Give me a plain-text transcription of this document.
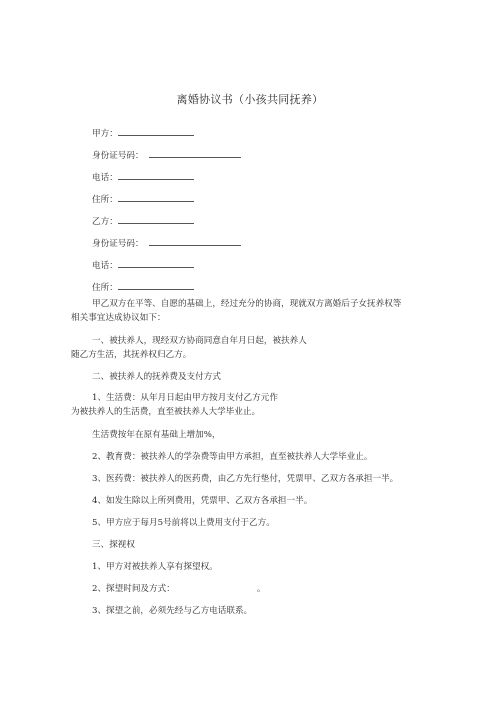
离婚协议书（小孩共同抚养）
甲方：
身份证号码：
电话：
住所：
乙方：
身份证号码：
电话：
住所：
甲乙双方在平等、自愿的基础上，经过充分的协商，现就双方离婚后子女抚养权等
相关事宜达成协议如下：
一、被扶养人，现经双方协商同意自年月日起，被扶养人
随乙方生活，其抚养权归乙方。
二、被扶养人的抚养费及支付方式
1、生活费：从年月日起由甲方按月支付乙方元作
为被扶养人的生活费，直至被扶养人大学毕业止。
生活费按年在原有基础上增加%，
2、教育费：被扶养人的学杂费等由甲方承担，直至被扶养人大学毕业止。
3、医药费：被扶养人的医药费，由乙方先行垫付，凭票甲、乙双方各承担一半。
4、如发生除以上所列费用，凭票甲、乙双方各承担一半。
5、甲方应于每月5号前将以上费用支付于乙方。
三、探视权
1、甲方对被扶养人享有探望权。
2、探望时间及方式：	。
3、探望之前，必须先经与乙方电话联系。
